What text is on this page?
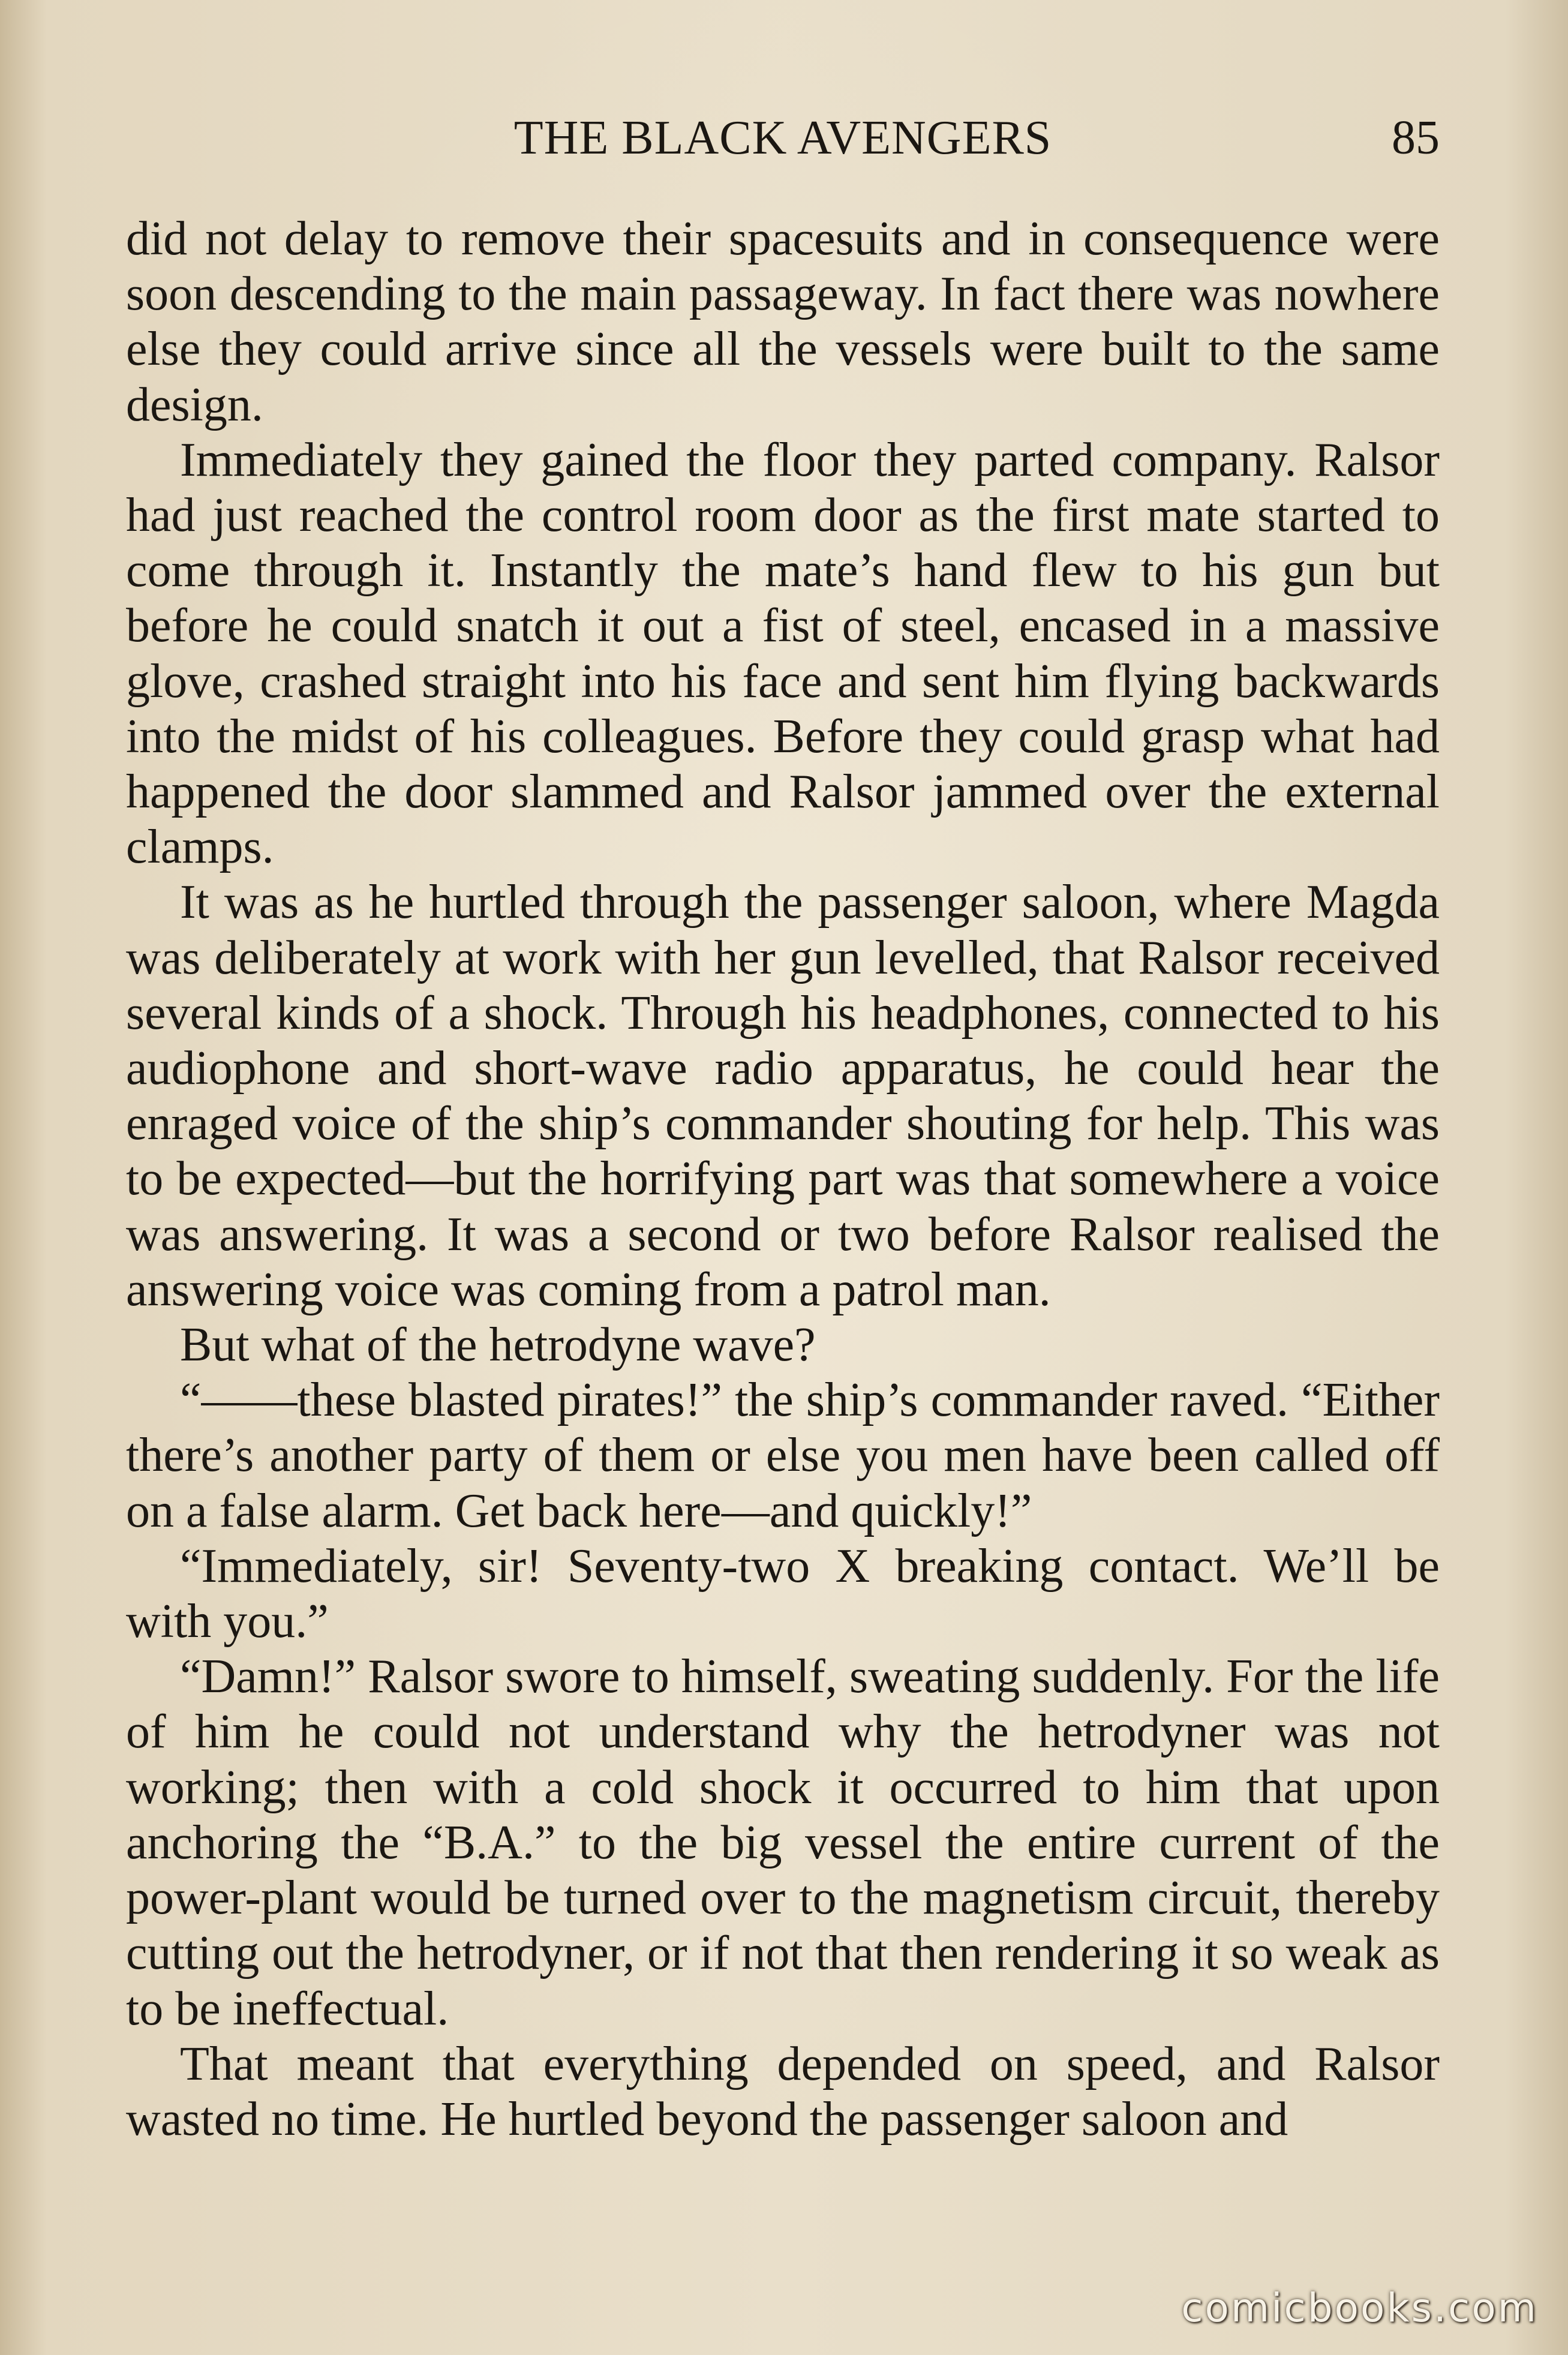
THE BLACK AVENGERS	85

did not delay to remove their spacesuits and in consequence were soon descending to the main passageway. In fact there was nowhere else they could arrive since all the vessels were built to the same design.

Immediately they gained the floor they parted company. Ralsor had just reached the control room door as the first mate started to come through it. Instantly the mate’s hand flew to his gun but before he could snatch it out a fist of steel, encased in a massive glove, crashed straight into his face and sent him flying backwards into the midst of his colleagues. Before they could grasp what had happened the door slammed and Ralsor jammed over the external clamps.

It was as he hurtled through the passenger saloon, where Magda was deliberately at work with her gun levelled, that Ralsor received several kinds of a shock. Through his headphones, connected to his audiophone and short-wave radio apparatus, he could hear the enraged voice of the ship’s commander shouting for help. This was to be expected—but the horrifying part was that somewhere a voice was answering. It was a second or two before Ralsor realised the answering voice was coming from a patrol man.

But what of the hetrodyne wave?

“——these blasted pirates!” the ship’s commander raved. “Either there’s another party of them or else you men have been called off on a false alarm. Get back here—and quickly!”

“Immediately, sir! Seventy-two X breaking contact. We’ll be with you.”

“Damn!” Ralsor swore to himself, sweating suddenly. For the life of him he could not understand why the hetrodyner was not working; then with a cold shock it occurred to him that upon anchoring the “B.A.” to the big vessel the entire current of the power-plant would be turned over to the magnetism circuit, thereby cutting out the hetrodyner, or if not that then rendering it so weak as to be ineffectual.

That meant that everything depended on speed, and Ralsor wasted no time. He hurtled beyond the passenger saloon and

comicbooks.com
